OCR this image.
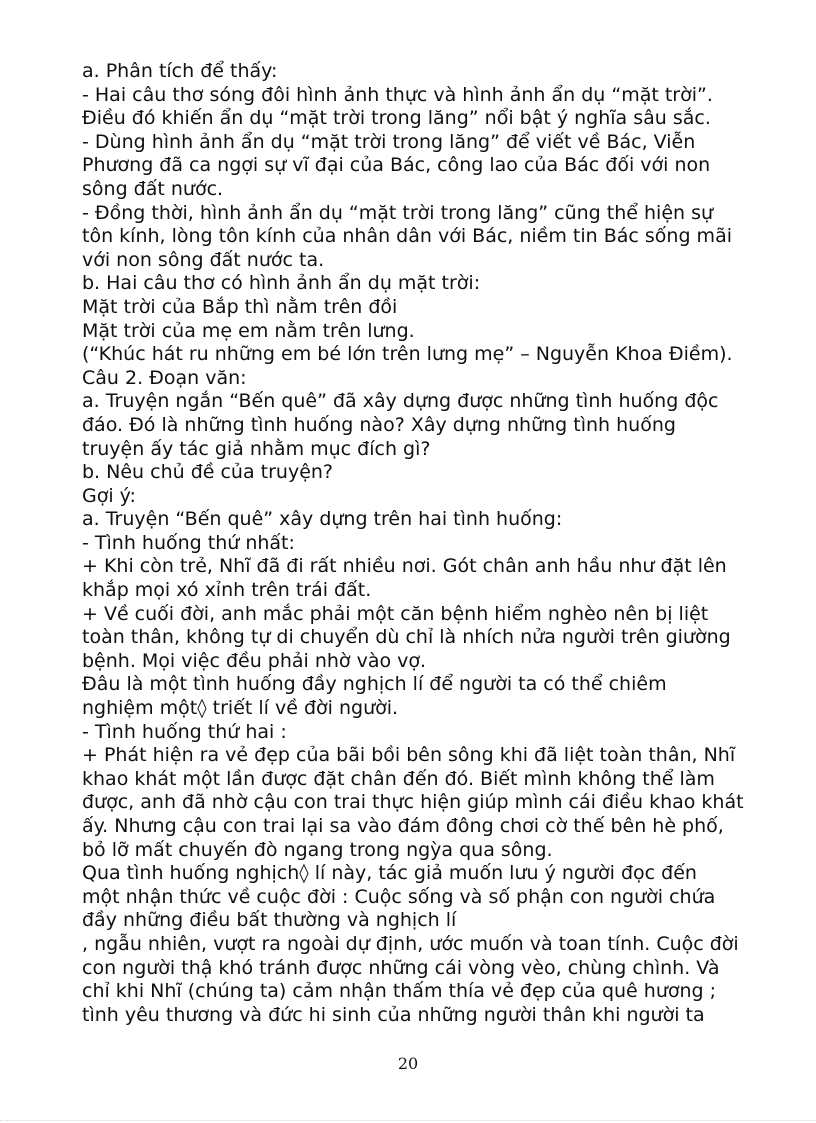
a. Phân tích để thấy:
- Hai câu thơ sóng đôi hình ảnh thực và hình ảnh ẩn dụ “mặt trời”.
Điều đó khiến ẩn dụ “mặt trời trong lăng” nổi bật ý nghĩa sâu sắc.
- Dùng hình ảnh ẩn dụ “mặt trời trong lăng” để viết về Bác, Viễn
Phương đã ca ngợi sự vĩ đại của Bác, công lao của Bác đối với non
sông đất nước.
- Đồng thời, hình ảnh ẩn dụ “mặt trời trong lăng” cũng thể hiện sự
tôn kính, lòng tôn kính của nhân dân với Bác, niềm tin Bác sống mãi
với non sông đất nước ta.
b. Hai câu thơ có hình ảnh ẩn dụ mặt trời:
Mặt trời của Bắp thì nằm trên đồi
Mặt trời của mẹ em nằm trên lưng.
(“Khúc hát ru những em bé lớn trên lưng mẹ” – Nguyễn Khoa Điềm).
Câu 2. Đoạn văn:
a. Truyện ngắn “Bến quê” đã xây dựng được những tình huống độc
đáo. Đó là những tình huống nào? Xây dựng những tình huống
truyện ấy tác giả nhằm mục đích gì?
b. Nêu chủ đề của truyện?
Gợi ý:
a. Truyện “Bến quê” xây dựng trên hai tình huống:
- Tình huống thứ nhất:
+ Khi còn trẻ, Nhĩ đã đi rất nhiều nơi. Gót chân anh hầu như đặt lên
khắp mọi xó xỉnh trên trái đất.
+ Về cuối đời, anh mắc phải một căn bệnh hiểm nghèo nên bị liệt
toàn thân, không tự di chuyển dù chỉ là nhích nửa người trên giường
bệnh. Mọi việc đều phải nhờ vào vợ.
Đâu là một tình huống đầy nghịch lí để người ta có thể chiêm
nghiệm một◊ triết lí về đời người.
- Tình huống thứ hai :
+ Phát hiện ra vẻ đẹp của bãi bồi bên sông khi đã liệt toàn thân, Nhĩ
khao khát một lần được đặt chân đến đó. Biết mình không thể làm
được, anh đã nhờ cậu con trai thực hiện giúp mình cái điều khao khát
ấy. Nhưng cậu con trai lại sa vào đám đông chơi cờ thế bên hè phố,
bỏ lỡ mất chuyến đò ngang trong ngỳa qua sông.
Qua tình huống nghịch◊ lí này, tác giả muốn lưu ý người đọc đến
một nhận thức về cuộc đời : Cuộc sống và số phận con người chứa
đầy những điều bất thường và nghịch lí
, ngẫu nhiên, vượt ra ngoài dự định, ước muốn và toan tính. Cuộc đời
con người thậ khó tránh được những cái vòng vèo, chùng chình. Và
chỉ khi Nhĩ (chúng ta) cảm nhận thấm thía vẻ đẹp của quê hương ;
tình yêu thương và đức hi sinh của những người thân khi người ta
20
